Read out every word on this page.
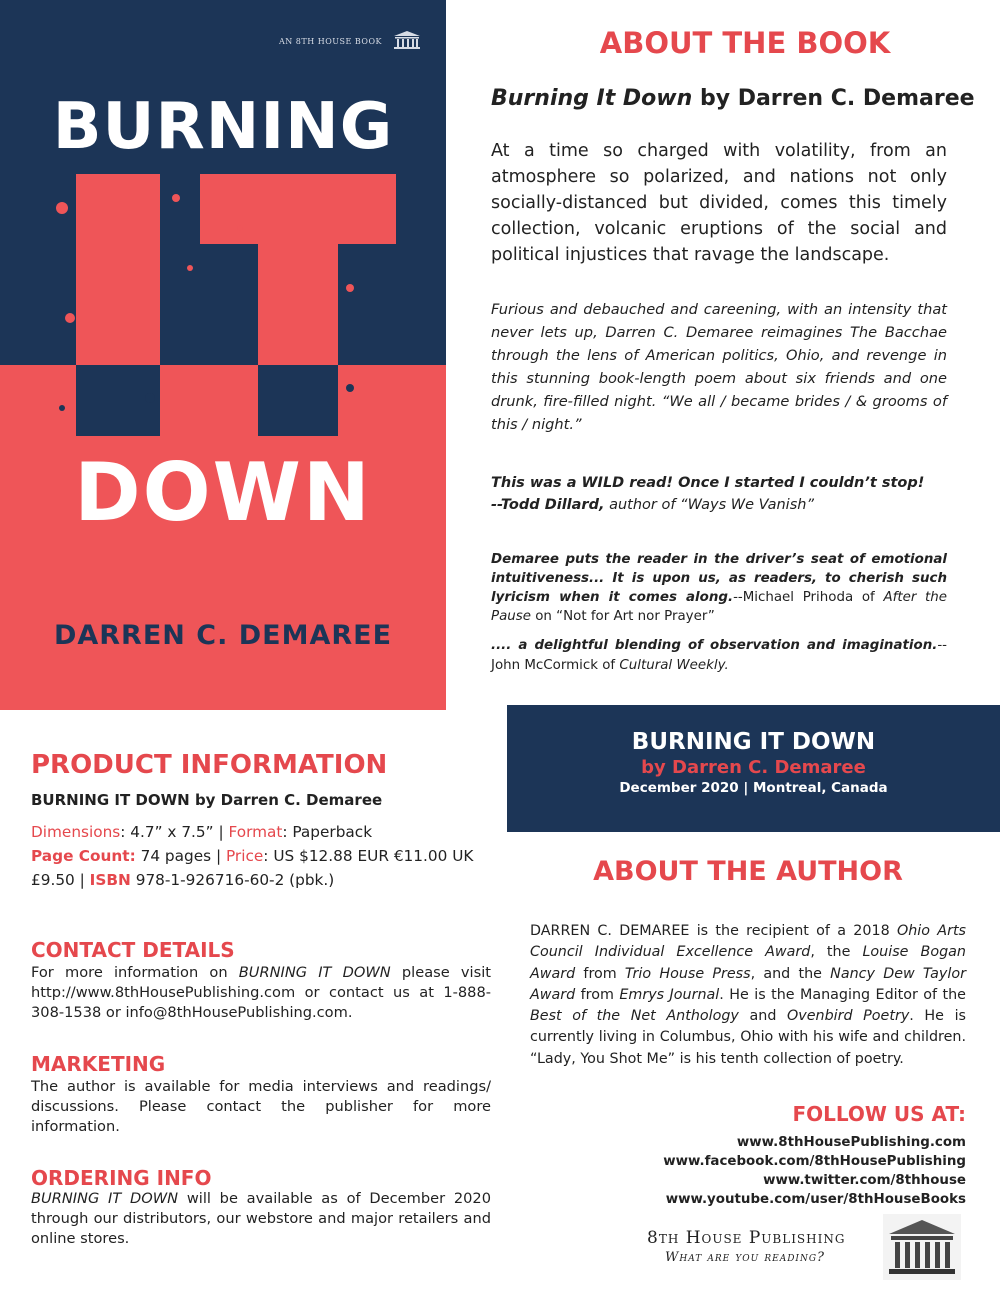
AN 8TH HOUSE BOOK
BURNING
DOWN
DARREN C. DEMAREE
ABOUT THE BOOK
Burning It Down by Darren C. Demaree
At a time so charged with volatility, from an atmosphere so polarized, and nations not only socially-distanced but divided, comes this timely collection, volcanic eruptions of the social and political injustices that ravage the landscape.
Furious and debauched and careening, with an intensity that never lets up, Darren C. Demaree reimagines The Bacchae through the lens of American politics, Ohio, and revenge in this stunning book-length poem about six friends and one drunk, fire-filled night. “We all / became brides / & grooms of this / night.”
This was a WILD read! Once I started I couldn’t stop!
--Todd Dillard, author of “Ways We Vanish”
Demaree puts the reader in the driver’s seat of emotional intuitiveness... It is upon us, as readers, to cherish such lyricism when it comes along.--Michael Prihoda of After the Pause on “Not for Art nor Prayer”
.... a delightful blending of observation and imagination.--John McCormick of Cultural Weekly.
BURNING IT DOWN
by Darren C. Demaree
December 2020 | Montreal, Canada
ABOUT THE AUTHOR
DARREN C. DEMAREE is the recipient of a 2018 Ohio Arts Council Individual Excellence Award, the Louise Bogan Award from Trio House Press, and the Nancy Dew Taylor Award from Emrys Journal. He is the Managing Editor of the Best of the Net Anthology and Ovenbird Poetry. He is currently living in Columbus, Ohio with his wife and children. “Lady, You Shot Me” is his tenth collection of poetry.
FOLLOW US AT:
www.8thHousePublishing.com
www.facebook.com/8thHousePublishing
www.twitter.com/8thhouse
www.youtube.com/user/8thHouseBooks
8th House Publishing
What are you reading?
PRODUCT INFORMATION
BURNING IT DOWN by Darren C. Demaree
Dimensions: 4.7” x 7.5” | Format: Paperback
Page Count: 74 pages | Price: US $12.88 EUR €11.00 UK £9.50 | ISBN 978-1-926716-60-2 (pbk.)
CONTACT DETAILS
For more information on BURNING IT DOWN please visit http://www.8thHousePublishing.com or contact us at 1-888-308-1538 or info@8thHousePublishing.com.
MARKETING
The author is available for media interviews and readings/ discussions. Please contact the publisher for more information.
ORDERING INFO
BURNING IT DOWN will be available as of December 2020 through our distributors, our webstore and major retailers and online stores.
